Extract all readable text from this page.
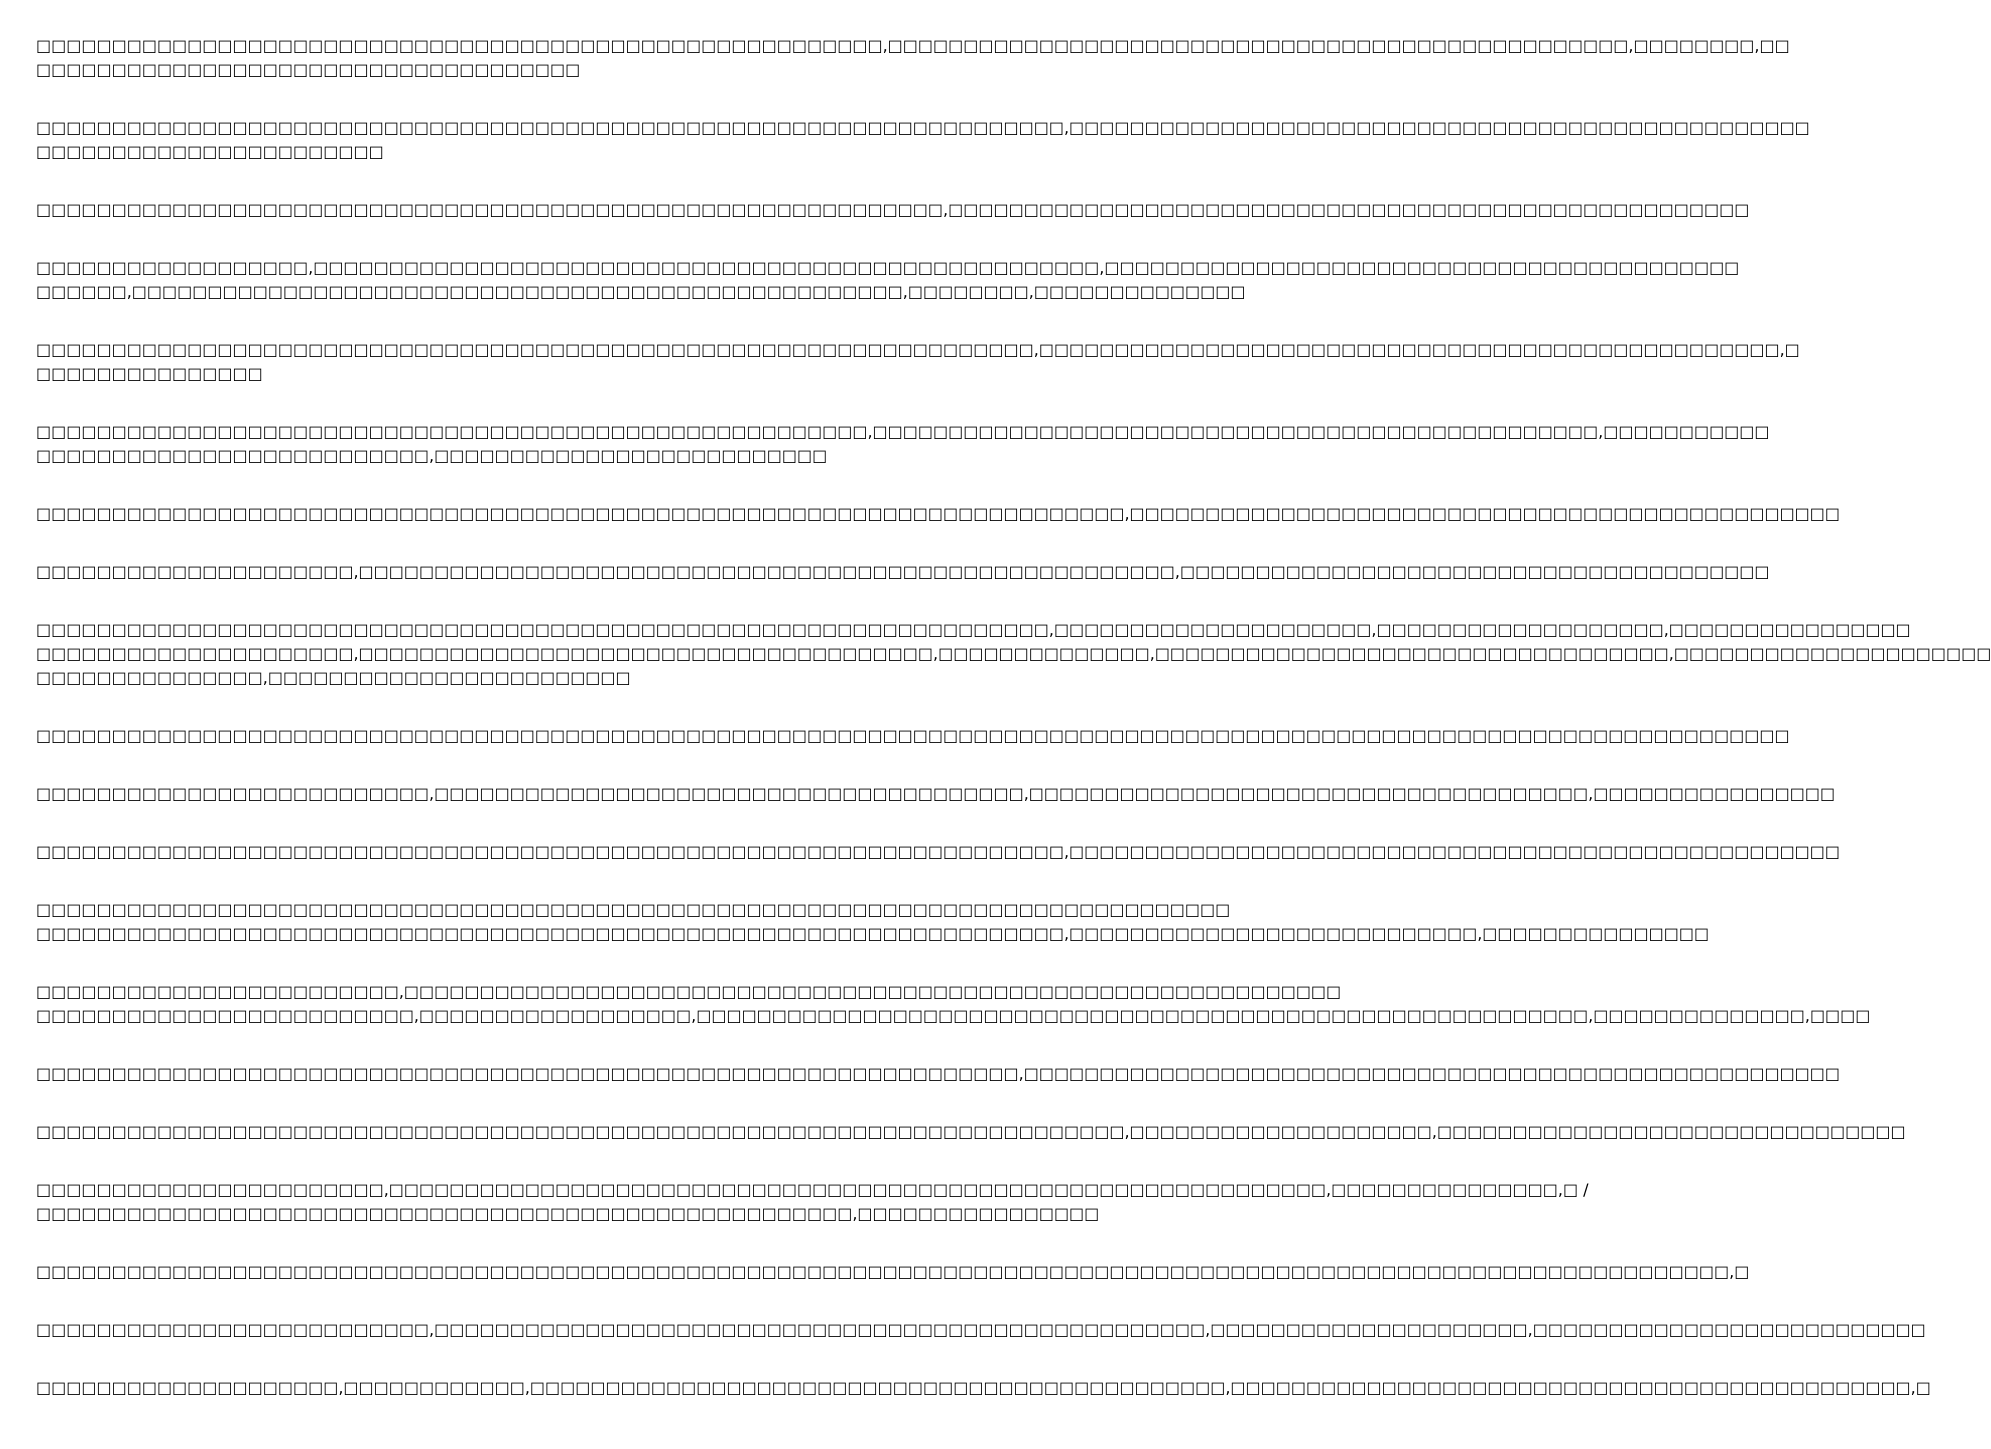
□□□□□□□□□□□□□□□□□□□□□□□□□□□□□□□□□□□□□□□□□□□□□□□□□□□□□□□□,□□□□□□□□□□□□□□□□□□□□□□□□□□□□□□□□□□□□□□□□□□□□□□□□□,□□□□□□□□,□□
□□□□□□□□□□□□□□□□□□□□□□□□□□□□□□□□□□□□

□□□□□□□□□□□□□□□□□□□□□□□□□□□□□□□□□□□□□□□□□□□□□□□□□□□□□□□□□□□□□□□□□□□□,□□□□□□□□□□□□□□□□□□□□□□□□□□□□□□□□□□□□□□□□□□□□□□□□□
□□□□□□□□□□□□□□□□□□□□□□□

□□□□□□□□□□□□□□□□□□□□□□□□□□□□□□□□□□□□□□□□□□□□□□□□□□□□□□□□□□□□,□□□□□□□□□□□□□□□□□□□□□□□□□□□□□□□□□□□□□□□□□□□□□□□□□□□□□

□□□□□□□□□□□□□□□□□□,□□□□□□□□□□□□□□□□□□□□□□□□□□□□□□□□□□□□□□□□□□□□□□□□□□□□,□□□□□□□□□□□□□□□□□□□□□□□□□□□□□□□□□□□□□□□□□□
□□□□□□,□□□□□□□□□□□□□□□□□□□□□□□□□□□□□□□□□□□□□□□□□□□□□□□□□□□,□□□□□□□□,□□□□□□□□□□□□□□

□□□□□□□□□□□□□□□□□□□□□□□□□□□□□□□□□□□□□□□□□□□□□□□□□□□□□□□□□□□□□□□□□□,□□□□□□□□□□□□□□□□□□□□□□□□□□□□□□□□□□□□□□□□□□□□□□□□□,□
□□□□□□□□□□□□□□□

□□□□□□□□□□□□□□□□□□□□□□□□□□□□□□□□□□□□□□□□□□□□□□□□□□□□□□□,□□□□□□□□□□□□□□□□□□□□□□□□□□□□□□□□□□□□□□□□□□□□□□□□,□□□□□□□□□□□
□□□□□□□□□□□□□□□□□□□□□□□□□□,□□□□□□□□□□□□□□□□□□□□□□□□□□

□□□□□□□□□□□□□□□□□□□□□□□□□□□□□□□□□□□□□□□□□□□□□□□□□□□□□□□□□□□□□□□□□□□□□□□□,□□□□□□□□□□□□□□□□□□□□□□□□□□□□□□□□□□□□□□□□□□□□□□□

□□□□□□□□□□□□□□□□□□□□□,□□□□□□□□□□□□□□□□□□□□□□□□□□□□□□□□□□□□□□□□□□□□□□□□□□□□□□,□□□□□□□□□□□□□□□□□□□□□□□□□□□□□□□□□□□□□□□

□□□□□□□□□□□□□□□□□□□□□□□□□□□□□□□□□□□□□□□□□□□□□□□□□□□□□□□□□□□□□□□□□□□,□□□□□□□□□□□□□□□□□□□□□,□□□□□□□□□□□□□□□□□□□,□□□□□□□□□□□□□□□□
□□□□□□□□□□□□□□□□□□□□□,□□□□□□□□□□□□□□□□□□□□□□□□□□□□□□□□□□□□□□,□□□□□□□□□□□□□□,□□□□□□□□□□□□□□□□□□□□□□□□□□□□□□□□□□,□□□□□□□□□□□□□□□□□□□□□
□□□□□□□□□□□□□□□,□□□□□□□□□□□□□□□□□□□□□□□□

□□□□□□□□□□□□□□□□□□□□□□□□□□□□□□□□□□□□□□□□□□□□□□□□□□□□□□□□□□□□□□□□□□□□□□□□□□□□□□□□□□□□□□□□□□□□□□□□□□□□□□□□□□□□□□□□□□□□

□□□□□□□□□□□□□□□□□□□□□□□□□□,□□□□□□□□□□□□□□□□□□□□□□□□□□□□□□□□□□□□□□□,□□□□□□□□□□□□□□□□□□□□□□□□□□□□□□□□□□□□□,□□□□□□□□□□□□□□□□

□□□□□□□□□□□□□□□□□□□□□□□□□□□□□□□□□□□□□□□□□□□□□□□□□□□□□□□□□□□□□□□□□□□□,□□□□□□□□□□□□□□□□□□□□□□□□□□□□□□□□□□□□□□□□□□□□□□□□□□□

□□□□□□□□□□□□□□□□□□□□□□□□□□□□□□□□□□□□□□□□□□□□□□□□□□□□□□□□□□□□□□□□□□□□□□□□□□□□□□□
□□□□□□□□□□□□□□□□□□□□□□□□□□□□□□□□□□□□□□□□□□□□□□□□□□□□□□□□□□□□□□□□□□□□,□□□□□□□□□□□□□□□□□□□□□□□□□□□,□□□□□□□□□□□□□□□

□□□□□□□□□□□□□□□□□□□□□□□□,□□□□□□□□□□□□□□□□□□□□□□□□□□□□□□□□□□□□□□□□□□□□□□□□□□□□□□□□□□□□□□
□□□□□□□□□□□□□□□□□□□□□□□□□,□□□□□□□□□□□□□□□□□□,□□□□□□□□□□□□□□□□□□□□□□□□□□□□□□□□□□□□□□□□□□□□□□□□□□□□□□□□□□□,□□□□□□□□□□□□□□,□□□□

□□□□□□□□□□□□□□□□□□□□□□□□□□□□□□□□□□□□□□□□□□□□□□□□□□□□□□□□□□□□□□□□□,□□□□□□□□□□□□□□□□□□□□□□□□□□□□□□□□□□□□□□□□□□□□□□□□□□□□□□

□□□□□□□□□□□□□□□□□□□□□□□□□□□□□□□□□□□□□□□□□□□□□□□□□□□□□□□□□□□□□□□□□□□□□□□□,□□□□□□□□□□□□□□□□□□□□,□□□□□□□□□□□□□□□□□□□□□□□□□□□□□□□

□□□□□□□□□□□□□□□□□□□□□□□,□□□□□□□□□□□□□□□□□□□□□□□□□□□□□□□□□□□□□□□□□□□□□□□□□□□□□□□□□□□□□□,□□□□□□□□□□□□□□□,□ /
□□□□□□□□□□□□□□□□□□□□□□□□□□□□□□□□□□□□□□□□□□□□□□□□□□□□□□,□□□□□□□□□□□□□□□□

□□□□□□□□□□□□□□□□□□□□□□□□□□□□□□□□□□□□□□□□□□□□□□□□□□□□□□□□□□□□□□□□□□□□□□□□□□□□□□□□□□□□□□□□□□□□□□□□□□□□□□□□□□□□□□□□,□

□□□□□□□□□□□□□□□□□□□□□□□□□□,□□□□□□□□□□□□□□□□□□□□□□□□□□□□□□□□□□□□□□□□□□□□□□□□□□□,□□□□□□□□□□□□□□□□□□□□□,□□□□□□□□□□□□□□□□□□□□□□□□□□

□□□□□□□□□□□□□□□□□□□□,□□□□□□□□□□□□,□□□□□□□□□□□□□□□□□□□□□□□□□□□□□□□□□□□□□□□□□□□□□□,□□□□□□□□□□□□□□□□□□□□□□□□□□□□□□□□□□□□□□□□□□□□□,□
